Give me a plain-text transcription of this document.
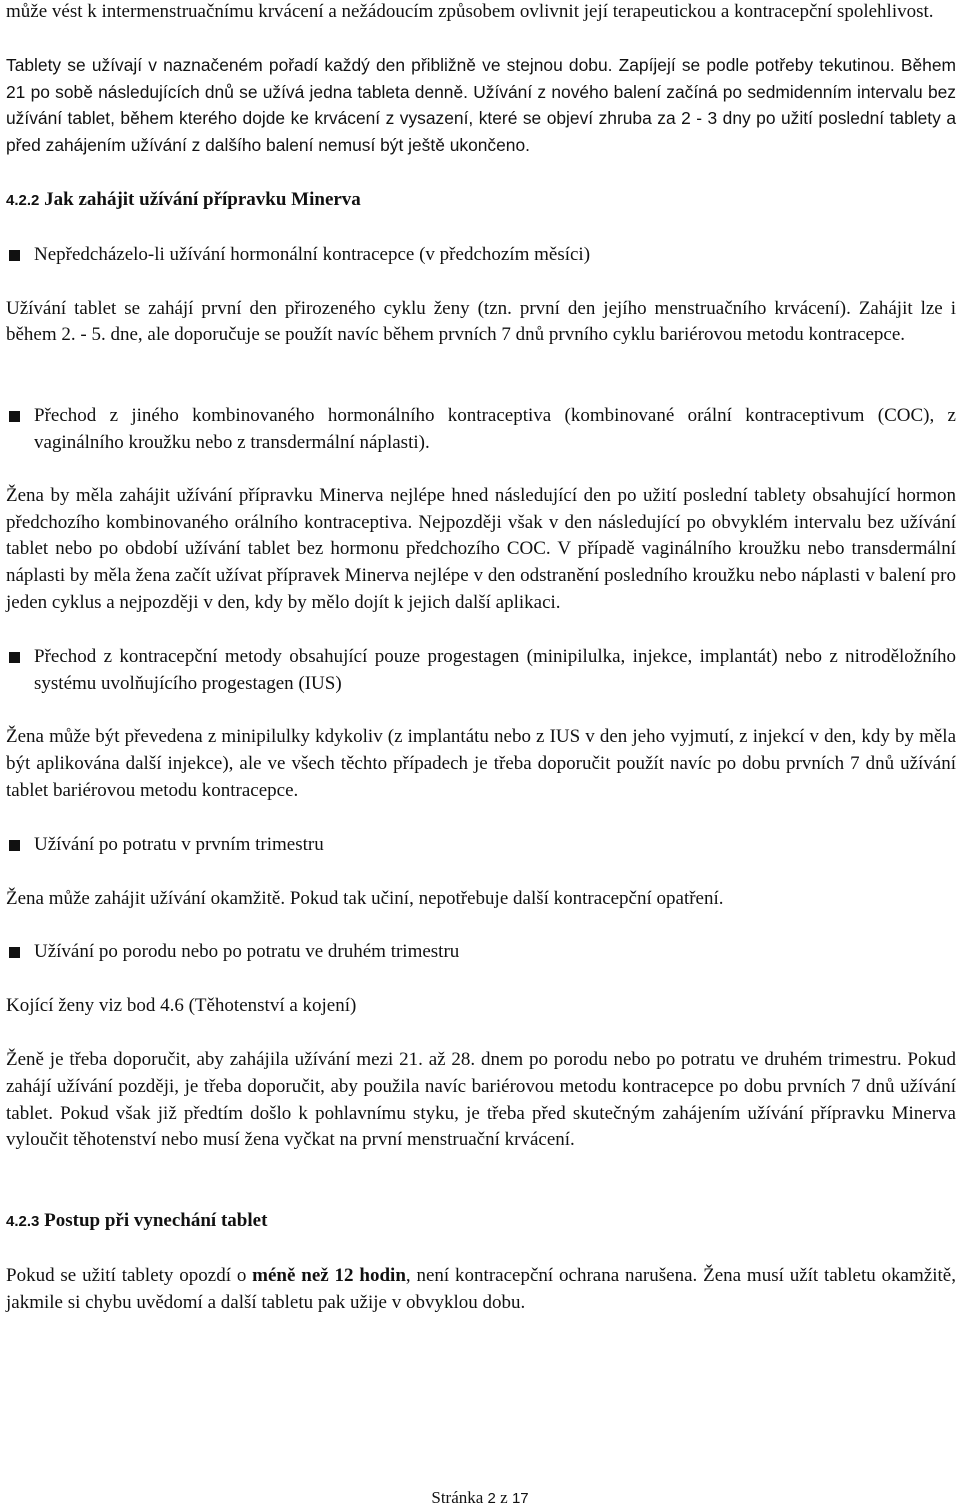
může vést k intermenstruačnímu krvácení a nežádoucím způsobem ovlivnit její terapeutickou a kontracepční spolehlivost.

Tablety se užívají v naznačeném pořadí každý den přibližně ve stejnou dobu. Zapíjejí se podle potřeby tekutinou. Během 21 po sobě následujících dnů se užívá jedna tableta denně. Užívání z nového balení začíná po sedmidenním intervalu bez užívání tablet, během kterého dojde ke krvácení z vysazení, které se objeví zhruba za 2 - 3 dny po užití poslední tablety a před zahájením užívání z dalšího balení nemusí být ještě ukončeno.

4.2.2 Jak zahájit užívání přípravku Minerva

Nepředcházelo-li užívání hormonální kontracepce (v předchozím měsíci)

Užívání tablet se zahájí první den přirozeného cyklu ženy (tzn. první den jejího menstruačního krvácení). Zahájit lze i během 2. - 5. dne, ale doporučuje se použít navíc během prvních 7 dnů prvního cyklu bariérovou metodu kontracepce.

Přechod z jiného kombinovaného hormonálního kontraceptiva (kombinované orální kontraceptivum (COC), z vaginálního kroužku nebo z transdermální náplasti).

Žena by měla zahájit užívání přípravku Minerva nejlépe hned následující den po užití poslední tablety obsahující hormon předchozího kombinovaného orálního kontraceptiva. Nejpozději však v den následující po obvyklém intervalu bez užívání tablet nebo po období užívání tablet bez hormonu předchozího COC. V případě vaginálního kroužku nebo transdermální náplasti by měla žena začít užívat přípravek Minerva nejlépe v den odstranění posledního kroužku nebo náplasti v balení pro jeden cyklus a nejpozději v den, kdy by mělo dojít k jejich další aplikaci.

Přechod z kontracepční metody obsahující pouze progestagen (minipilulka, injekce, implantát) nebo z nitroděložního systému uvolňujícího progestagen (IUS)

Žena může být převedena z minipilulky kdykoliv (z implantátu nebo z IUS v den jeho vyjmutí, z injekcí v den, kdy by měla být aplikována další injekce), ale ve všech těchto případech je třeba doporučit použít navíc po dobu prvních 7 dnů užívání tablet bariérovou metodu kontracepce.

Užívání po potratu v prvním trimestru

Žena může zahájit užívání okamžitě. Pokud tak učiní, nepotřebuje další kontracepční opatření.

Užívání po porodu nebo po potratu ve druhém trimestru

Kojící ženy viz bod 4.6 (Těhotenství a kojení)

Ženě je třeba doporučit, aby zahájila užívání mezi 21. až 28. dnem po porodu nebo po potratu ve druhém trimestru. Pokud zahájí užívání později, je třeba doporučit, aby použila navíc bariérovou metodu kontracepce po dobu prvních 7 dnů užívání tablet. Pokud však již předtím došlo k pohlavnímu styku, je třeba před skutečným zahájením užívání přípravku Minerva vyloučit těhotenství nebo musí žena vyčkat na první menstruační krvácení.

4.2.3 Postup při vynechání tablet

Pokud se užití tablety opozdí o méně než 12 hodin, není kontracepční ochrana narušena. Žena musí užít tabletu okamžitě, jakmile si chybu uvědomí a další tabletu pak užije v obvyklou dobu.

Stránka 2 z 17
